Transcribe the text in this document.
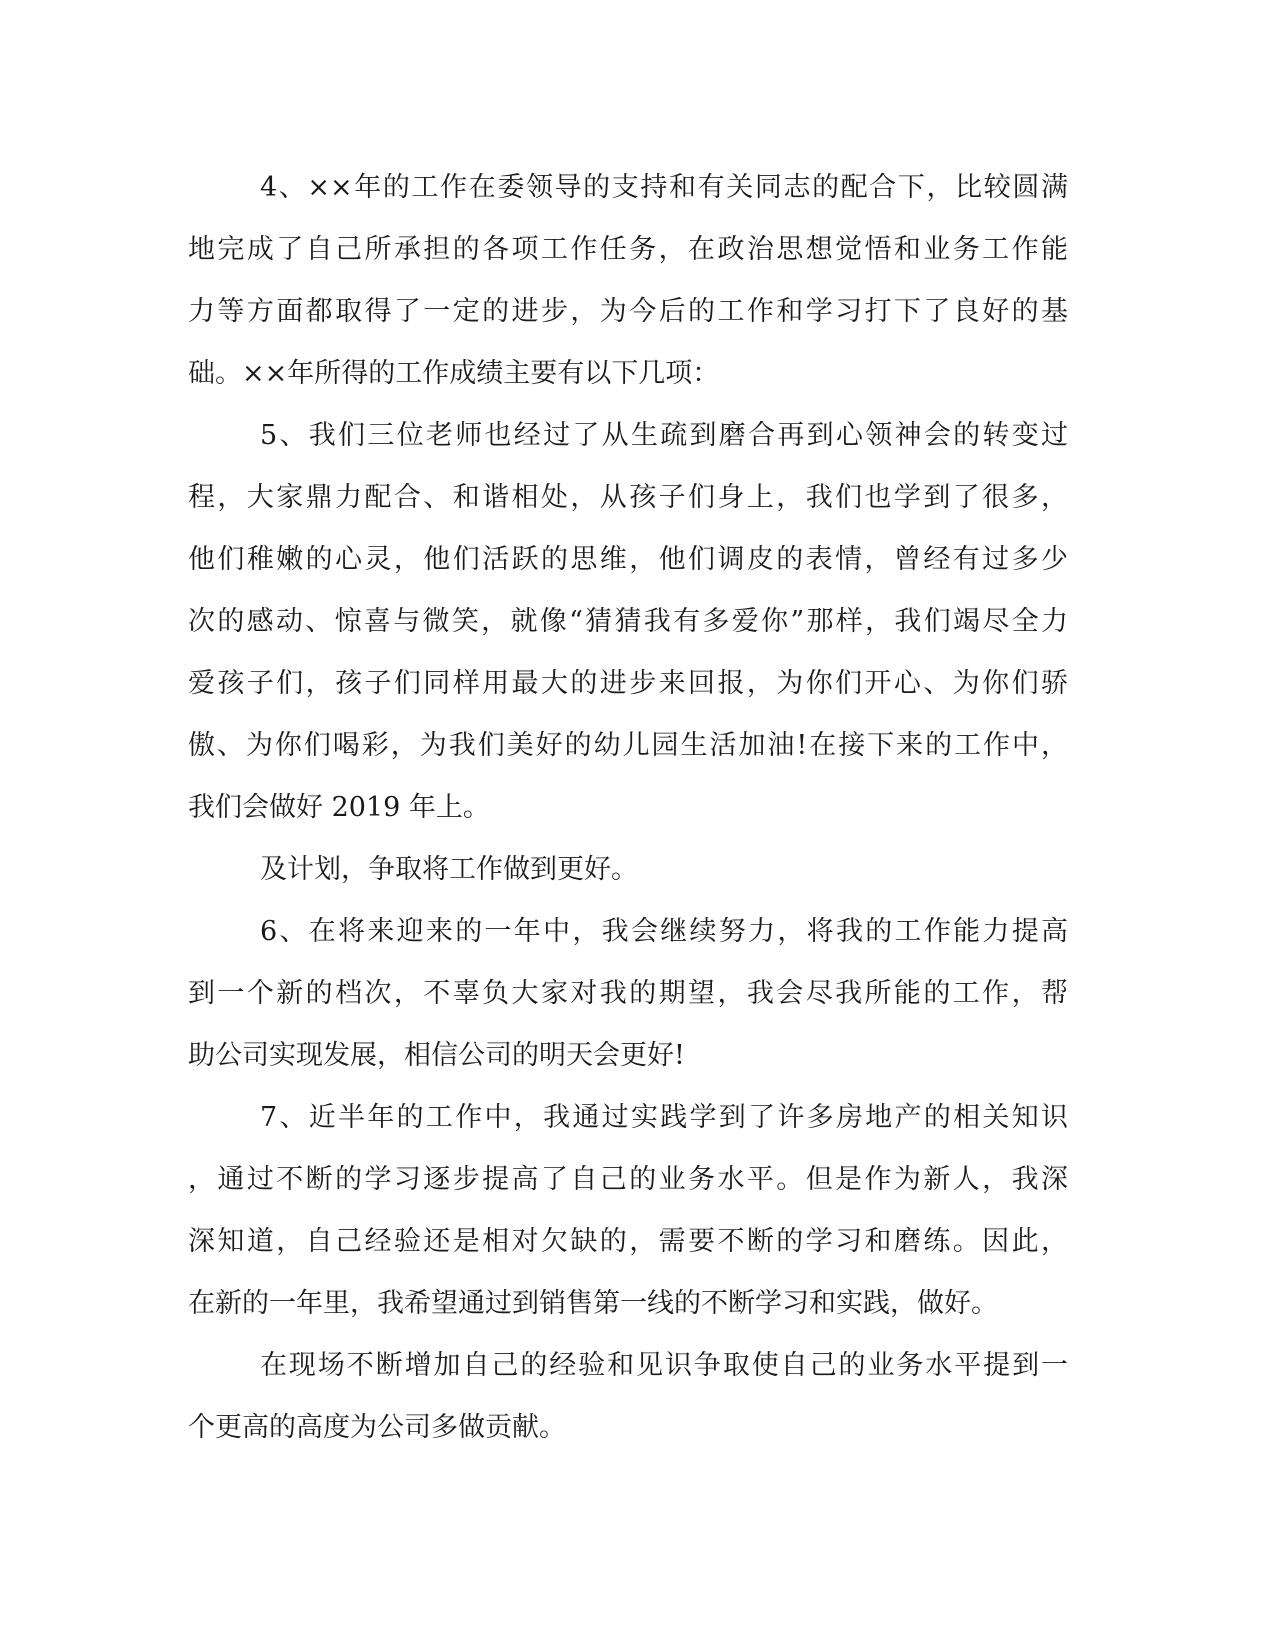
4、××年的工作在委领导的支持和有关同志的配合下，比较圆满
地完成了自己所承担的各项工作任务，在政治思想觉悟和业务工作能
力等方面都取得了一定的进步，为今后的工作和学习打下了良好的基
础。××年所得的工作成绩主要有以下几项：
5、我们三位老师也经过了从生疏到磨合再到心领神会的转变过
程，大家鼎力配合、和谐相处，从孩子们身上，我们也学到了很多，
他们稚嫩的心灵，他们活跃的思维，他们调皮的表情，曾经有过多少
次的感动、惊喜与微笑，就像“猜猜我有多爱你”那样，我们竭尽全力
爱孩子们，孩子们同样用最大的进步来回报，为你们开心、为你们骄
傲、为你们喝彩，为我们美好的幼儿园生活加油!在接下来的工作中，
我们会做好 2019 年上。
及计划，争取将工作做到更好。
6、在将来迎来的一年中，我会继续努力，将我的工作能力提高
到一个新的档次，不辜负大家对我的期望，我会尽我所能的工作，帮
助公司实现发展，相信公司的明天会更好!
7、近半年的工作中，我通过实践学到了许多房地产的相关知识
，通过不断的学习逐步提高了自己的业务水平。但是作为新人，我深
深知道，自己经验还是相对欠缺的，需要不断的学习和磨练。因此，
在新的一年里，我希望通过到销售第一线的不断学习和实践，做好。
在现场不断增加自己的经验和见识争取使自己的业务水平提到一
个更高的高度为公司多做贡献。
